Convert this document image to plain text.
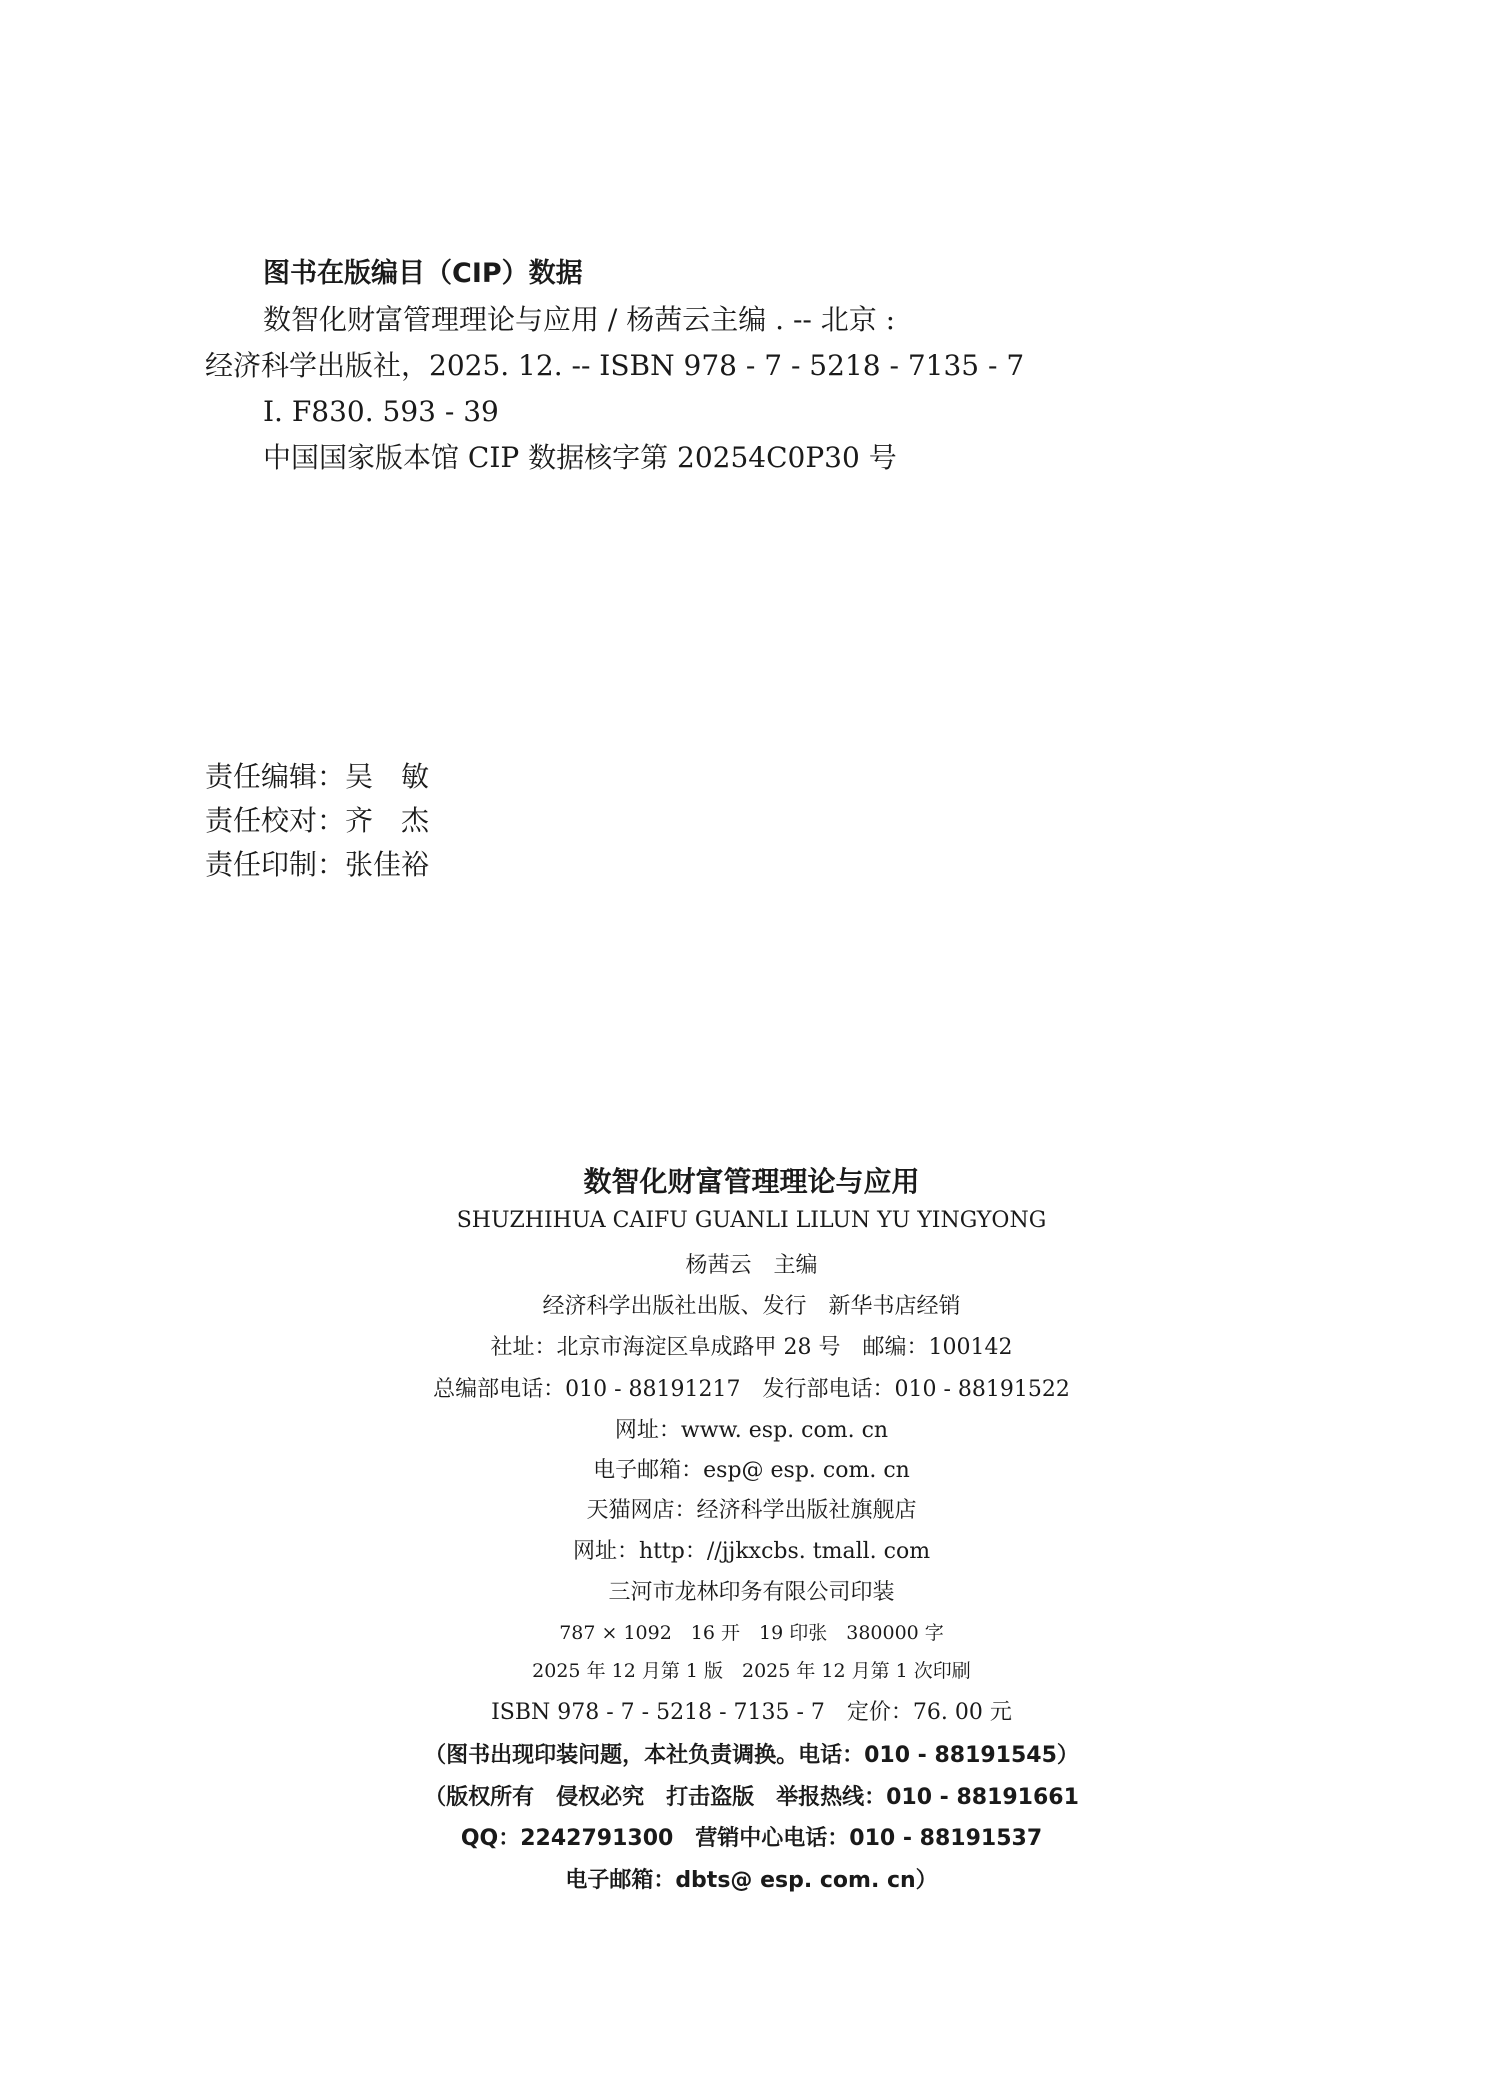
图书在版编目（CIP）数据
数智化财富管理理论与应用 / 杨茜云主编 . -- 北京 :
经济科学出版社，2025. 12. -- ISBN 978 - 7 - 5218 - 7135 - 7
Ⅰ. F830. 593 - 39
中国国家版本馆 CIP 数据核字第 20254C0P30 号
责任编辑：吴　敏
责任校对：齐　杰
责任印制：张佳裕
数智化财富管理理论与应用
SHUZHIHUA CAIFU GUANLI LILUN YU YINGYONG
杨茜云　主编
经济科学出版社出版、发行　新华书店经销
社址：北京市海淀区阜成路甲 28 号　邮编：100142
总编部电话：010 - 88191217　发行部电话：010 - 88191522
网址：www. esp. com. cn
电子邮箱：esp@ esp. com. cn
天猫网店：经济科学出版社旗舰店
网址：http：//jjkxcbs. tmall. com
三河市龙林印务有限公司印装
787 × 1092　16 开　19 印张　380000 字
2025 年 12 月第 1 版　2025 年 12 月第 1 次印刷
ISBN 978 - 7 - 5218 - 7135 - 7　定价：76. 00 元
（图书出现印装问题，本社负责调换。电话：010 - 88191545）
（版权所有　侵权必究　打击盗版　举报热线：010 - 88191661
QQ：2242791300　营销中心电话：010 - 88191537
电子邮箱：dbts@ esp. com. cn）
